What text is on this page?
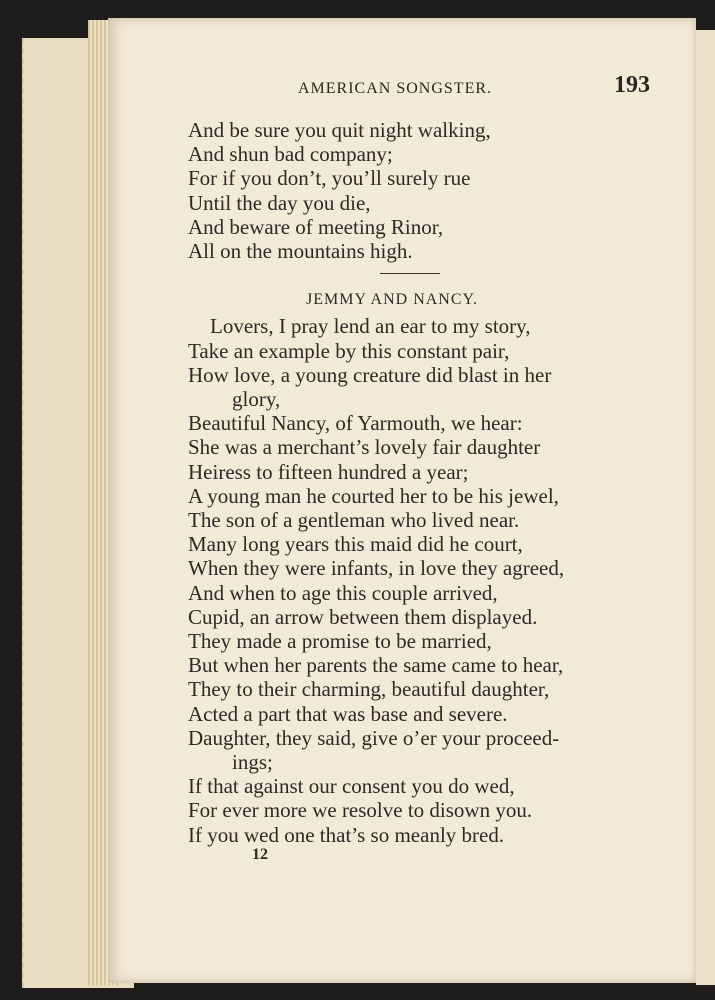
AMERICAN SONGSTER.	193
And be sure you quit night walking,
And shun bad company;
For if you don’t, you’ll surely rue
Until the day you die,
And beware of meeting Rinor,
All on the mountains high.
JEMMY AND NANCY.
Lovers, I pray lend an ear to my story,
Take an example by this constant pair,
How love, a young creature did blast in her
glory,
Beautiful Nancy, of Yarmouth, we hear:
She was a merchant’s lovely fair daughter
Heiress to fifteen hundred a year;
A young man he courted her to be his jewel,
The son of a gentleman who lived near.
Many long years this maid did he court,
When they were infants, in love they agreed,
And when to age this couple arrived,
Cupid, an arrow between them displayed.
They made a promise to be married,
But when her parents the same came to hear,
They to their charming, beautiful daughter,
Acted a part that was base and severe.
Daughter, they said, give o’er your proceed-
ings;
If that against our consent you do wed,
For ever more we resolve to disown you.
If you wed one that’s so meanly bred.
12
